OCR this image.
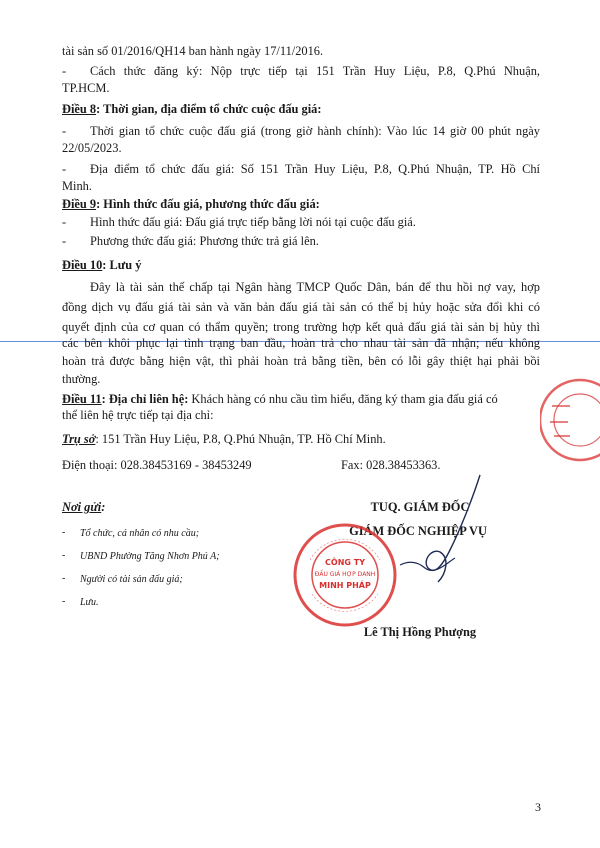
tài sản số 01/2016/QH14 ban hành ngày 17/11/2016.
- Cách thức đăng ký: Nộp trực tiếp tại 151 Trần Huy Liệu, P.8, Q.Phú Nhuận,
TP.HCM.
Điều 8: Thời gian, địa điểm tổ chức cuộc đấu giá:
- Thời gian tổ chức cuộc đấu giá (trong giờ hành chính): Vào lúc 14 giờ 00 phút ngày
22/05/2023.
- Địa điểm tổ chức đấu giá: Số 151 Trần Huy Liệu, P.8, Q.Phú Nhuận, TP. Hồ Chí
Minh.
Điều 9: Hình thức đấu giá, phương thức đấu giá:
- Hình thức đấu giá: Đấu giá trực tiếp bằng lời nói tại cuộc đấu giá.
- Phương thức đấu giá: Phương thức trả giá lên.
Điều 10: Lưu ý
Đây là tài sản thế chấp tại Ngân hàng TMCP Quốc Dân, bán để thu hồi nợ vay, hợp
đồng dịch vụ đấu giá tài sản và văn bản đấu giá tài sản có thể bị hủy hoặc sửa đổi khi có
quyết định của cơ quan có thẩm quyền; trong trường hợp kết quả đấu giá tài sản bị hủy thì
các bên khôi phục lại tình trạng ban đầu, hoàn trả cho nhau tài sản đã nhận; nếu không
hoàn trả được bằng hiện vật, thì phải hoàn trả bằng tiền, bên có lỗi gây thiệt hại phải bồi
thường.
Điều 11: Địa chỉ liên hệ: Khách hàng có nhu cầu tìm hiểu, đăng ký tham gia đấu giá có
thể liên hệ trực tiếp tại địa chỉ:
Trụ sở: 151 Trần Huy Liệu, P.8, Q.Phú Nhuận, TP. Hồ Chí Minh.
Điện thoại: 028.38453169 - 38453249	Fax: 028.38453363.
Nơi gửi:
- Tổ chức, cá nhân có nhu cầu;
- UBND Phường Tăng Nhơn Phú A;
- Người có tài sản đấu giá;
- Lưu.
TUQ. GIÁM ĐỐC
GIÁM ĐỐC NGHIỆP VỤ
Lê Thị Hồng Phượng
CÔNG TY
ĐẤU GIÁ HỢP DANH
MINH PHÁP
3
